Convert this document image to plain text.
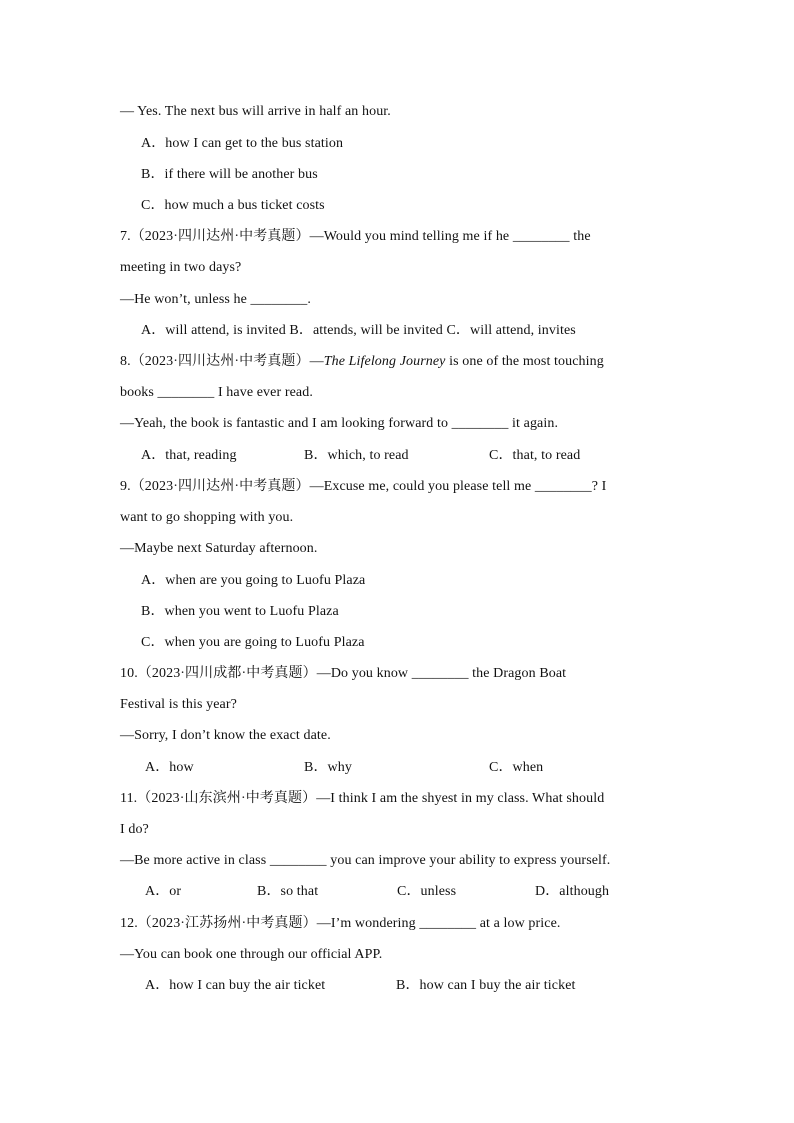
— Yes. The next bus will arrive in half an hour.
A．how I can get to the bus station
B．if there will be another bus
C．how much a bus ticket costs
7.（2023·四川达州·中考真题）—Would you mind telling me if he ________ the
meeting in two days?
—He won’t, unless he ________.
A．will attend, is invited B．attends, will be invited C．will attend, invites
8.（2023·四川达州·中考真题）—The Lifelong Journey is one of the most touching
books ________ I have ever read.
—Yeah, the book is fantastic and I am looking forward to ________ it again.
A．that, reading	B．which, to read	C．that, to read
9.（2023·四川达州·中考真题）—Excuse me, could you please tell me ________? I
want to go shopping with you.
—Maybe next Saturday afternoon.
A．when are you going to Luofu Plaza
B．when you went to Luofu Plaza
C．when you are going to Luofu Plaza
10.（2023·四川成都·中考真题）—Do you know ________ the Dragon Boat
Festival is this year?
—Sorry, I don’t know the exact date.
A．how	B．why	C．when
11.（2023·山东滨州·中考真题）—I think I am the shyest in my class. What should
I do?
—Be more active in class ________ you can improve your ability to express yourself.
A．or	B．so that	C．unless	D．although
12.（2023·江苏扬州·中考真题）—I’m wondering ________ at a low price.
—You can book one through our official APP.
A．how I can buy the air ticket	B．how can I buy the air ticket
